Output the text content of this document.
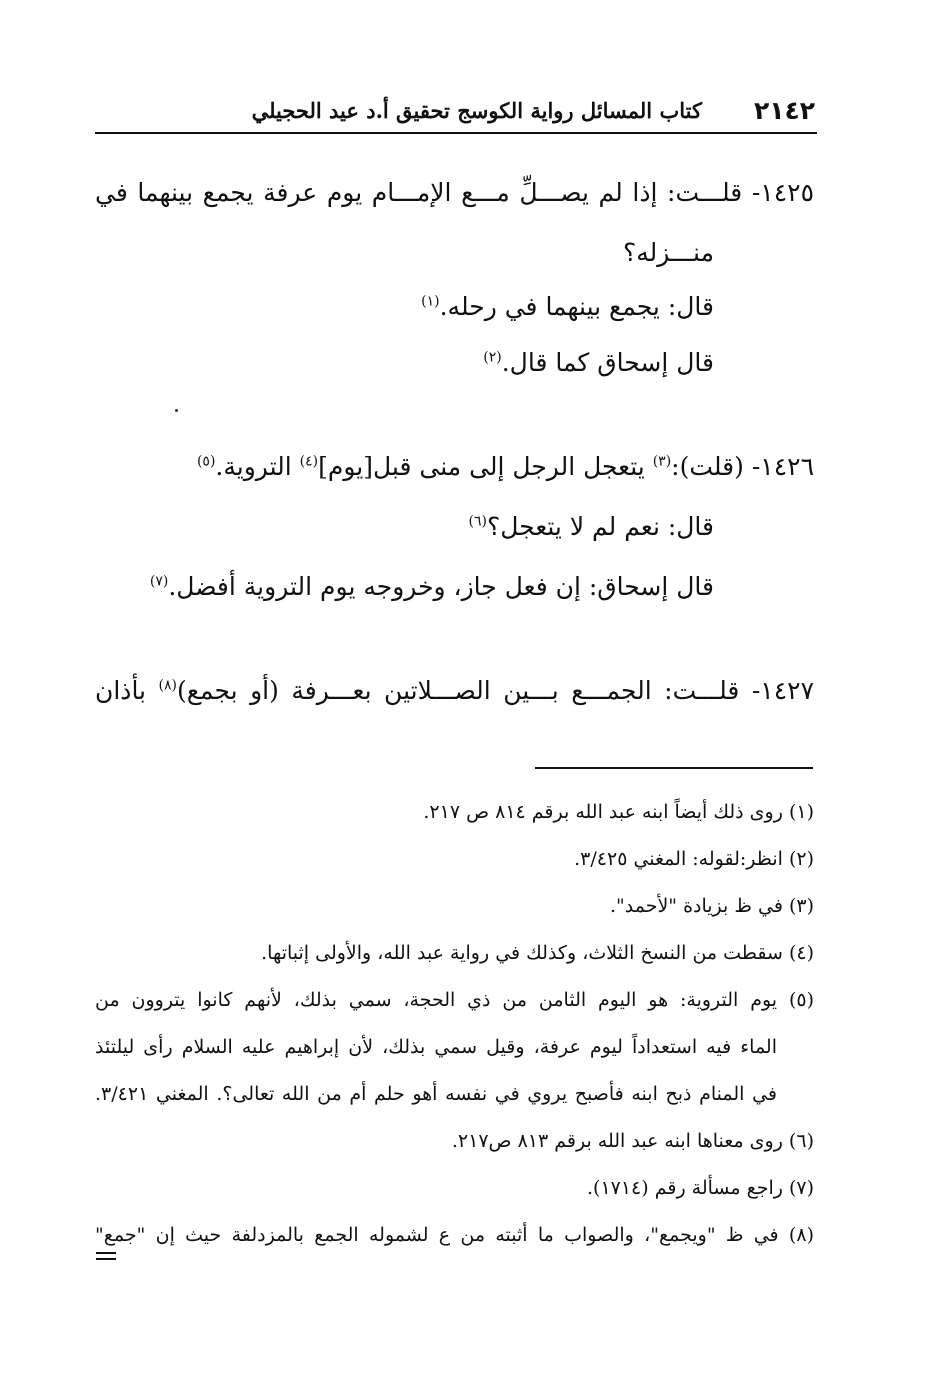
٢١٤٢
كتاب المسائل رواية الكوسج تحقيق أ.د عيد الحجيلي
١٤٢٥- قلـــت: إذا لم يصـــلِّ مـــع الإمـــام يوم عرفة يجمع بينهما في
منـــزله؟
قال: يجمع بينهما في رحله.$^{(١)}$
قال إسحاق كما قال.$^{(٢)}$
١٤٢٦- (قلت):$^{(٣)}$ يتعجل الرجل إلى منى قبل[يوم]$^{(٤)}$ التروية.$^{(٥)}$
قال: نعم لم لا يتعجل؟$^{(٦)}$
قال إسحاق: إن فعل جاز، وخروجه يوم التروية أفضل.$^{(٧)}$
١٤٢٧- قلـــت: الجمـــع بـــين الصـــلاتين بعـــرفة (أو بجمع)$^{(٨)}$ بأذان
(١) روى ذلك أيضاً ابنه عبد الله برقم ٨١٤ ص ٢١٧.
(٢) انظر:لقوله: المغني ٣/٤٢٥.
(٣) في ظ بزيادة "لأحمد".
(٤) سقطت من النسخ الثلاث، وكذلك في رواية عبد الله، والأولى إثباتها.
(٥) يوم التروية: هو اليوم الثامن من ذي الحجة، سمي بذلك، لأنهم كانوا يتروون من
الماء فيه استعداداً ليوم عرفة، وقيل سمي بذلك، لأن إبراهيم عليه السلام رأى ليلتئذ
في المنام ذبح ابنه فأصبح يروي في نفسه أهو حلم أم من الله تعالى؟. المغني ٣/٤٢١.
(٦) روى معناها ابنه عبد الله برقم ٨١٣ ص٢١٧.
(٧) راجع مسألة رقم (١٧١٤).
(٨) في ظ "ويجمع"، والصواب ما أثبته من ع لشموله الجمع بالمزدلفة حيث إن "جمع"
